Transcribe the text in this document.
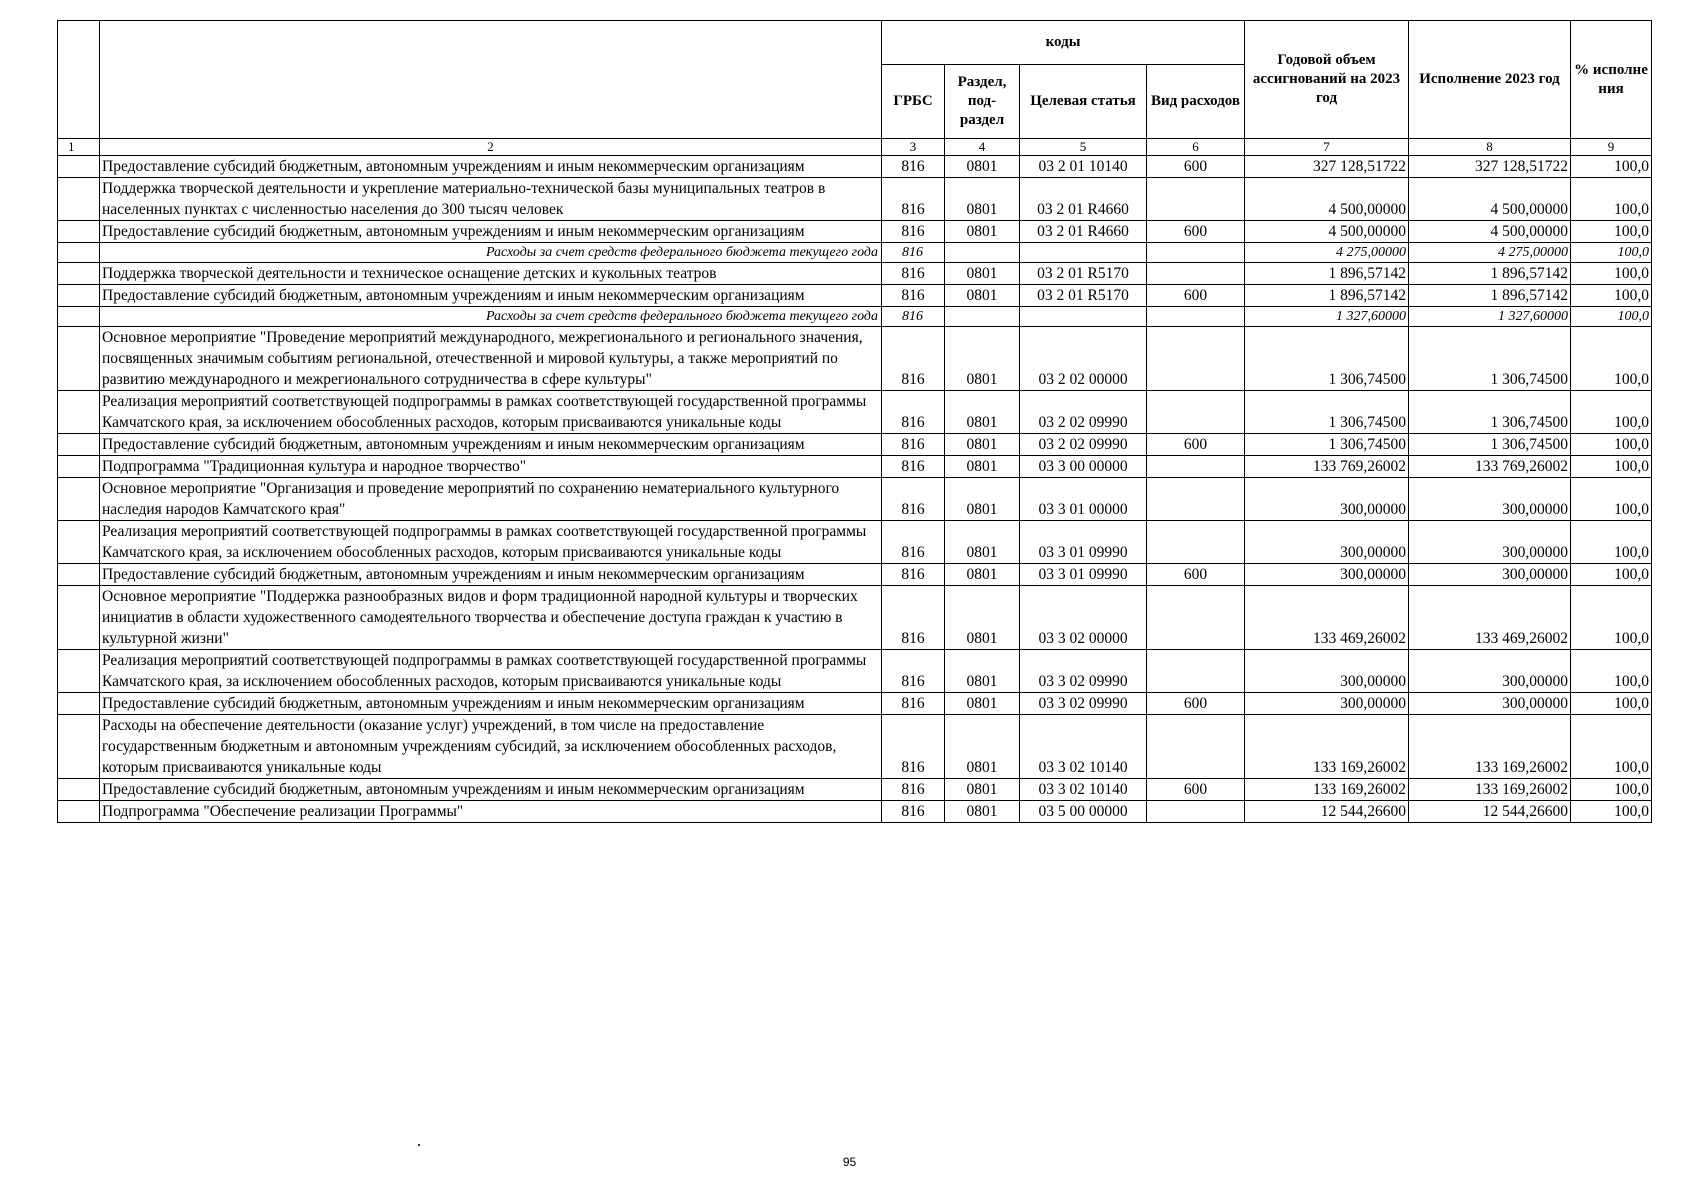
		коды				Годовой объем ассигнований на 2023 год	Исполнение 2023 год	% исполне ния
		ГРБС	Раздел, под-раздел	Целевая статья	Вид расходов			
1	2	3	4	5	6	7	8	9
	Предоставление субсидий бюджетным, автономным учреждениям и иным некоммерческим организациям	816	0801	03 2 01 10140	600	327 128,51722	327 128,51722	100,0
	Поддержка творческой деятельности и укрепление материально-технической базы муниципальных театров в населенных пунктах с численностью населения до 300 тысяч человек	816	0801	03 2 01 R4660		4 500,00000	4 500,00000	100,0
	Предоставление субсидий бюджетным, автономным учреждениям и иным некоммерческим организациям	816	0801	03 2 01 R4660	600	4 500,00000	4 500,00000	100,0
	Расходы за счет средств федерального бюджета текущего года	816				4 275,00000	4 275,00000	100,0
	Поддержка творческой деятельности и техническое оснащение детских и кукольных театров	816	0801	03 2 01 R5170		1 896,57142	1 896,57142	100,0
	Предоставление субсидий бюджетным, автономным учреждениям и иным некоммерческим организациям	816	0801	03 2 01 R5170	600	1 896,57142	1 896,57142	100,0
	Расходы за счет средств федерального бюджета текущего года	816				1 327,60000	1 327,60000	100,0
	Основное мероприятие "Проведение мероприятий международного, межрегионального и регионального значения, посвященных значимым событиям региональной, отечественной и мировой культуры, а также мероприятий по развитию международного и межрегионального сотрудничества в сфере культуры"	816	0801	03 2 02 00000		1 306,74500	1 306,74500	100,0
	Реализация мероприятий соответствующей подпрограммы в рамках соответствующей государственной программы Камчатского края, за исключением обособленных расходов, которым присваиваются уникальные коды	816	0801	03 2 02 09990		1 306,74500	1 306,74500	100,0
	Предоставление субсидий бюджетным, автономным учреждениям и иным некоммерческим организациям	816	0801	03 2 02 09990	600	1 306,74500	1 306,74500	100,0
	Подпрограмма "Традиционная культура и народное творчество"	816	0801	03 3 00 00000		133 769,26002	133 769,26002	100,0
	Основное мероприятие "Организация и проведение мероприятий по сохранению нематериального культурного наследия народов Камчатского края"	816	0801	03 3 01 00000		300,00000	300,00000	100,0
	Реализация мероприятий соответствующей подпрограммы в рамках соответствующей государственной программы Камчатского края, за исключением обособленных расходов, которым присваиваются уникальные коды	816	0801	03 3 01 09990		300,00000	300,00000	100,0
	Предоставление субсидий бюджетным, автономным учреждениям и иным некоммерческим организациям	816	0801	03 3 01 09990	600	300,00000	300,00000	100,0
	Основное мероприятие "Поддержка разнообразных видов и форм традиционной народной культуры и творческих инициатив в области художественного самодеятельного творчества и обеспечение доступа граждан к участию в культурной жизни"	816	0801	03 3 02 00000		133 469,26002	133 469,26002	100,0
	Реализация мероприятий соответствующей подпрограммы в рамках соответствующей государственной программы Камчатского края, за исключением обособленных расходов, которым присваиваются уникальные коды	816	0801	03 3 02 09990		300,00000	300,00000	100,0
	Предоставление субсидий бюджетным, автономным учреждениям и иным некоммерческим организациям	816	0801	03 3 02 09990	600	300,00000	300,00000	100,0
	Расходы на обеспечение деятельности (оказание услуг) учреждений, в том числе на предоставление государственным бюджетным и автономным учреждениям субсидий, за исключением обособленных расходов, которым присваиваются уникальные коды	816	0801	03 3 02 10140		133 169,26002	133 169,26002	100,0
	Предоставление субсидий бюджетным, автономным учреждениям и иным некоммерческим организациям	816	0801	03 3 02 10140	600	133 169,26002	133 169,26002	100,0
	Подпрограмма "Обеспечение реализации Программы"	816	0801	03 5 00 00000		12 544,26600	12 544,26600	100,0
95
